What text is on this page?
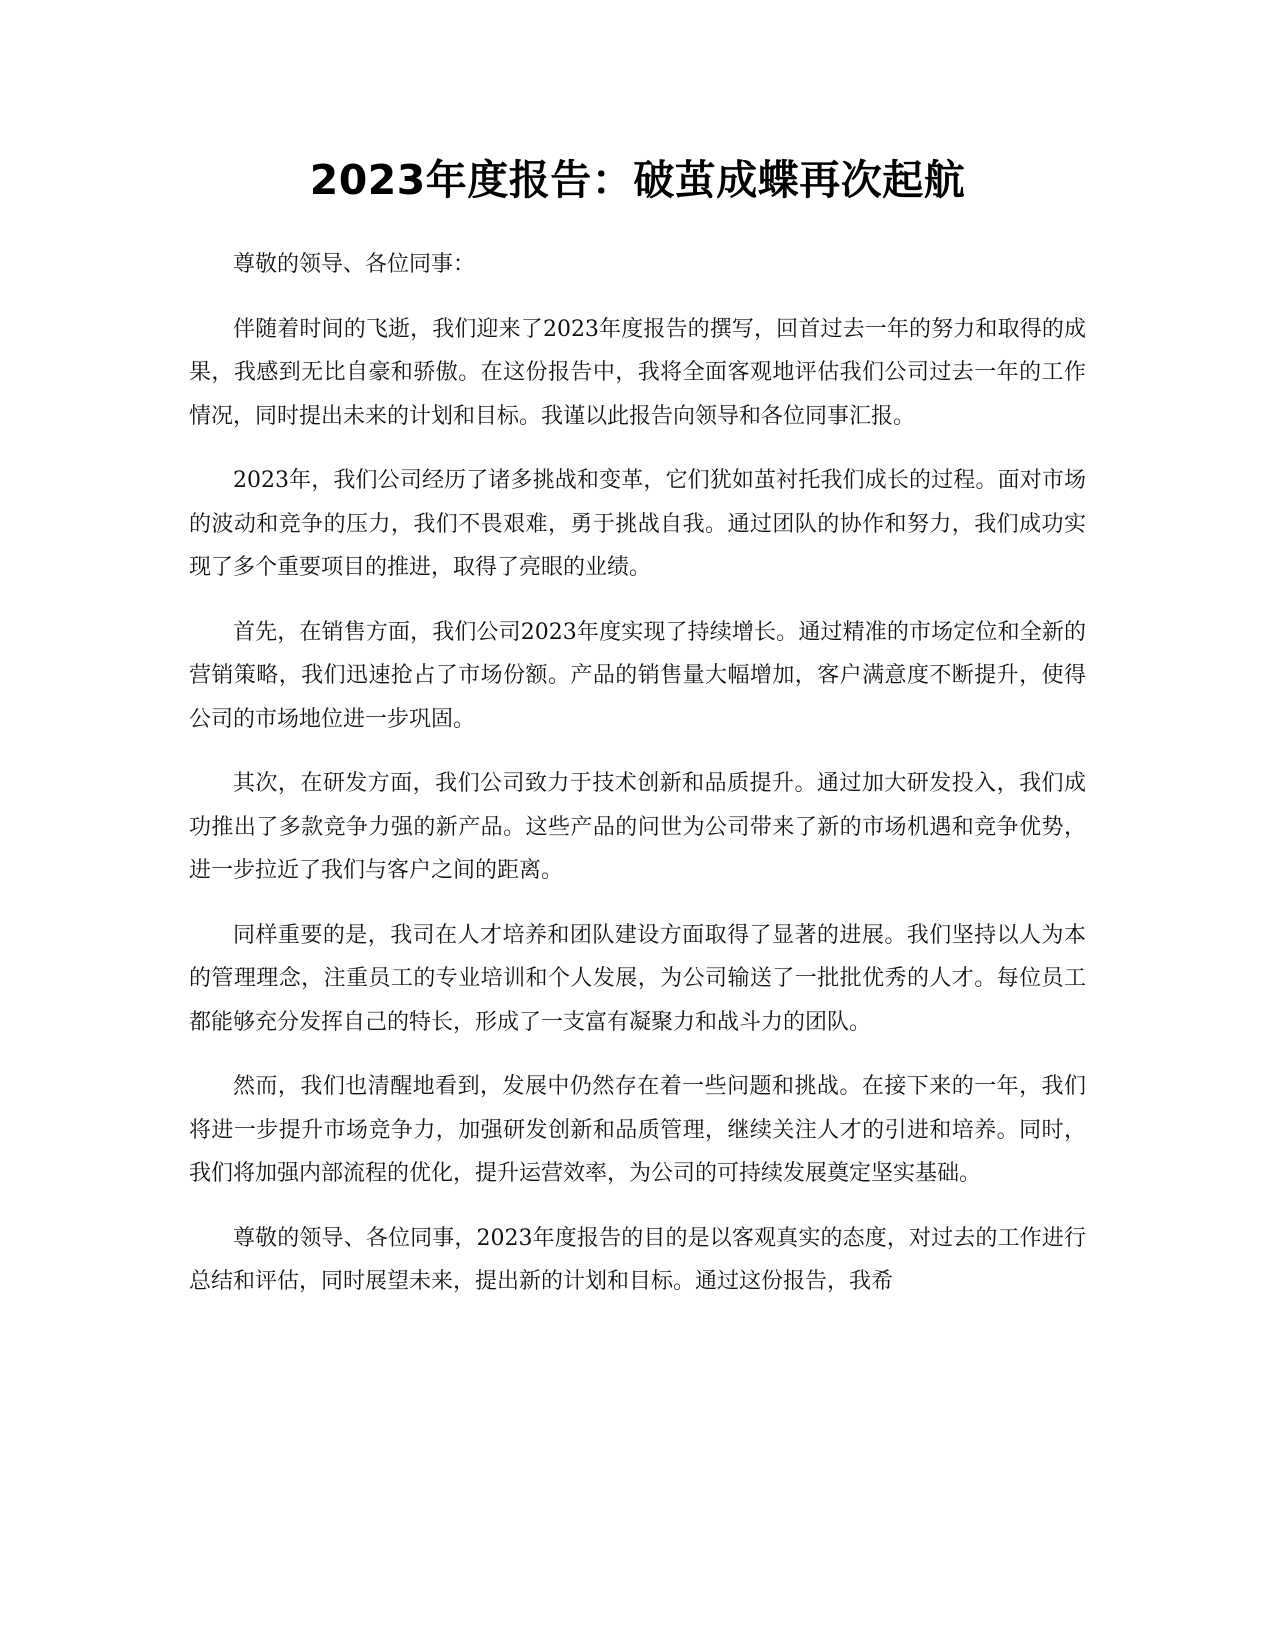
2023年度报告：破茧成蝶再次起航

尊敬的领导、各位同事：

伴随着时间的飞逝，我们迎来了2023年度报告的撰写，回首过去一年的努力和取得的成果，我感到无比自豪和骄傲。在这份报告中，我将全面客观地评估我们公司过去一年的工作情况，同时提出未来的计划和目标。我谨以此报告向领导和各位同事汇报。

2023年，我们公司经历了诸多挑战和变革，它们犹如茧衬托我们成长的过程。面对市场的波动和竞争的压力，我们不畏艰难，勇于挑战自我。通过团队的协作和努力，我们成功实现了多个重要项目的推进，取得了亮眼的业绩。

首先，在销售方面，我们公司2023年度实现了持续增长。通过精准的市场定位和全新的营销策略，我们迅速抢占了市场份额。产品的销售量大幅增加，客户满意度不断提升，使得公司的市场地位进一步巩固。

其次，在研发方面，我们公司致力于技术创新和品质提升。通过加大研发投入，我们成功推出了多款竞争力强的新产品。这些产品的问世为公司带来了新的市场机遇和竞争优势，进一步拉近了我们与客户之间的距离。

同样重要的是，我司在人才培养和团队建设方面取得了显著的进展。我们坚持以人为本的管理理念，注重员工的专业培训和个人发展，为公司输送了一批批优秀的人才。每位员工都能够充分发挥自己的特长，形成了一支富有凝聚力和战斗力的团队。

然而，我们也清醒地看到，发展中仍然存在着一些问题和挑战。在接下来的一年，我们将进一步提升市场竞争力，加强研发创新和品质管理，继续关注人才的引进和培养。同时，我们将加强内部流程的优化，提升运营效率，为公司的可持续发展奠定坚实基础。

尊敬的领导、各位同事，2023年度报告的目的是以客观真实的态度，对过去的工作进行总结和评估，同时展望未来，提出新的计划和目标。通过这份报告，我希
